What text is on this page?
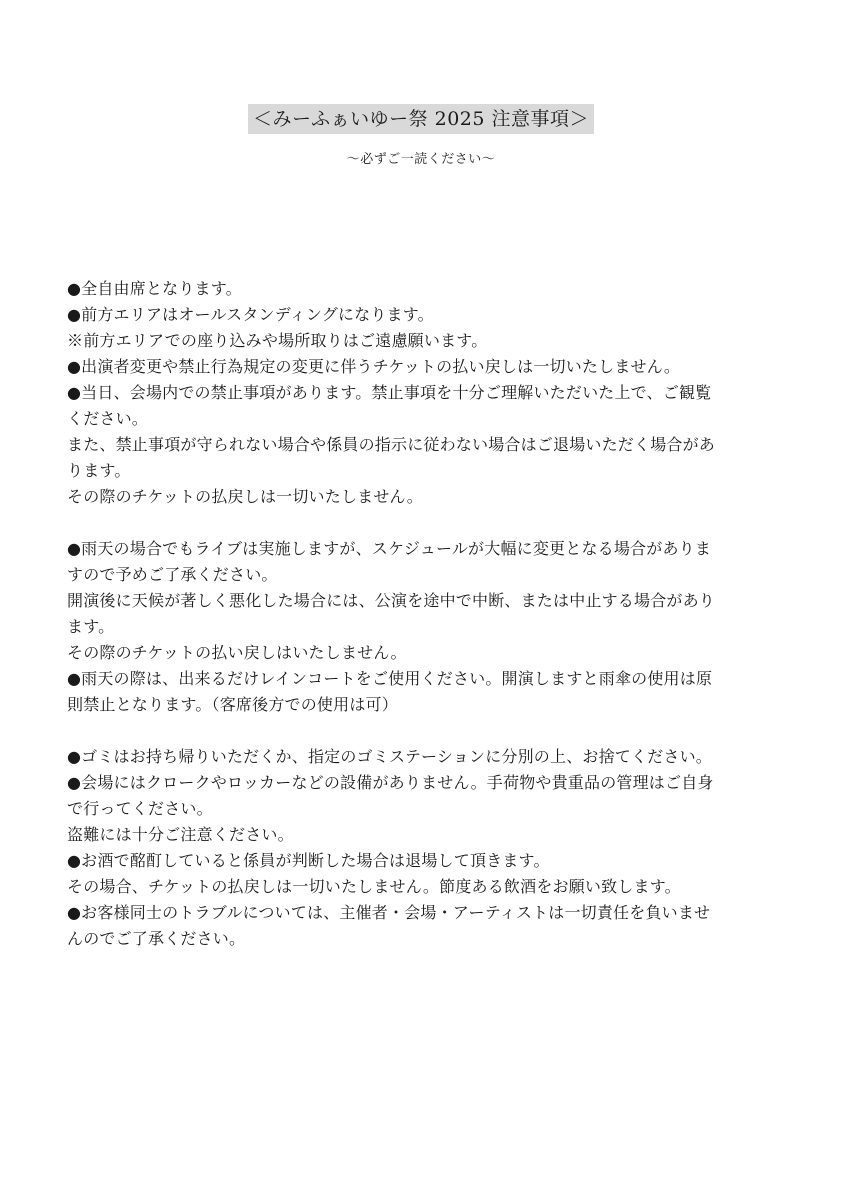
＜みーふぁいゆー祭 2025 注意事項＞
〜必ずご一読ください〜
●全自由席となります。
●前方エリアはオールスタンディングになります。
※前方エリアでの座り込みや場所取りはご遠慮願います。
●出演者変更や禁止行為規定の変更に伴うチケットの払い戻しは一切いたしません。
●当日、会場内での禁止事項があります。禁止事項を十分ご理解いただいた上で、ご観覧
ください。
また、禁止事項が守られない場合や係員の指示に従わない場合はご退場いただく場合があ
ります。
その際のチケットの払戻しは一切いたしません。
●雨天の場合でもライブは実施しますが、スケジュールが大幅に変更となる場合がありま
すので予めご了承ください。
開演後に天候が著しく悪化した場合には、公演を途中で中断、または中止する場合があり
ます。
その際のチケットの払い戻しはいたしません。
●雨天の際は、出来るだけレインコートをご使用ください。開演しますと雨傘の使用は原
則禁止となります。（客席後方での使用は可）
●ゴミはお持ち帰りいただくか、指定のゴミステーションに分別の上、お捨てください。
●会場にはクロークやロッカーなどの設備がありません。手荷物や貴重品の管理はご自身
で行ってください。
盗難には十分ご注意ください。
●お酒で酩酊していると係員が判断した場合は退場して頂きます。
その場合、チケットの払戻しは一切いたしません。節度ある飲酒をお願い致します。
●お客様同士のトラブルについては、主催者・会場・アーティストは一切責任を負いませ
んのでご了承ください。
